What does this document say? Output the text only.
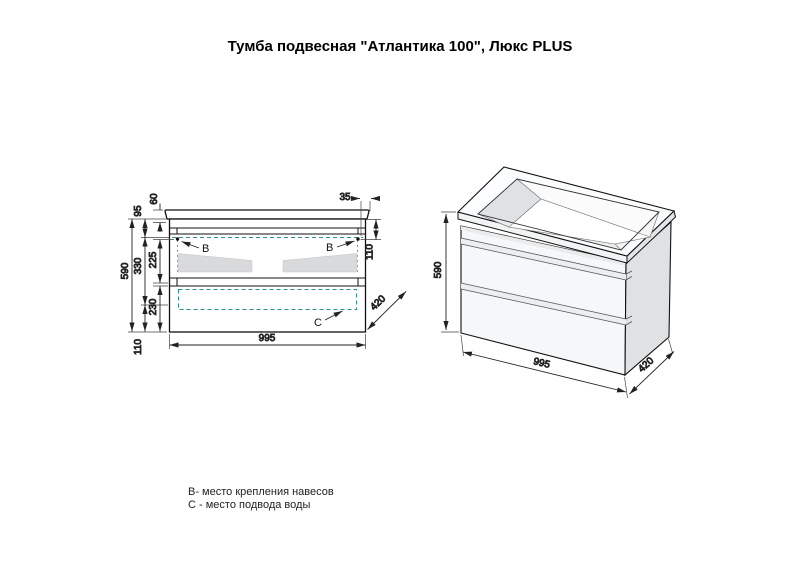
Тумба подвесная "Атлантика 100", Люкс PLUS
B	B
C
590
95
330
110
60
225
230
35
110
995
420
590
995	420
B- место крепления навесов
C - место подвода воды
